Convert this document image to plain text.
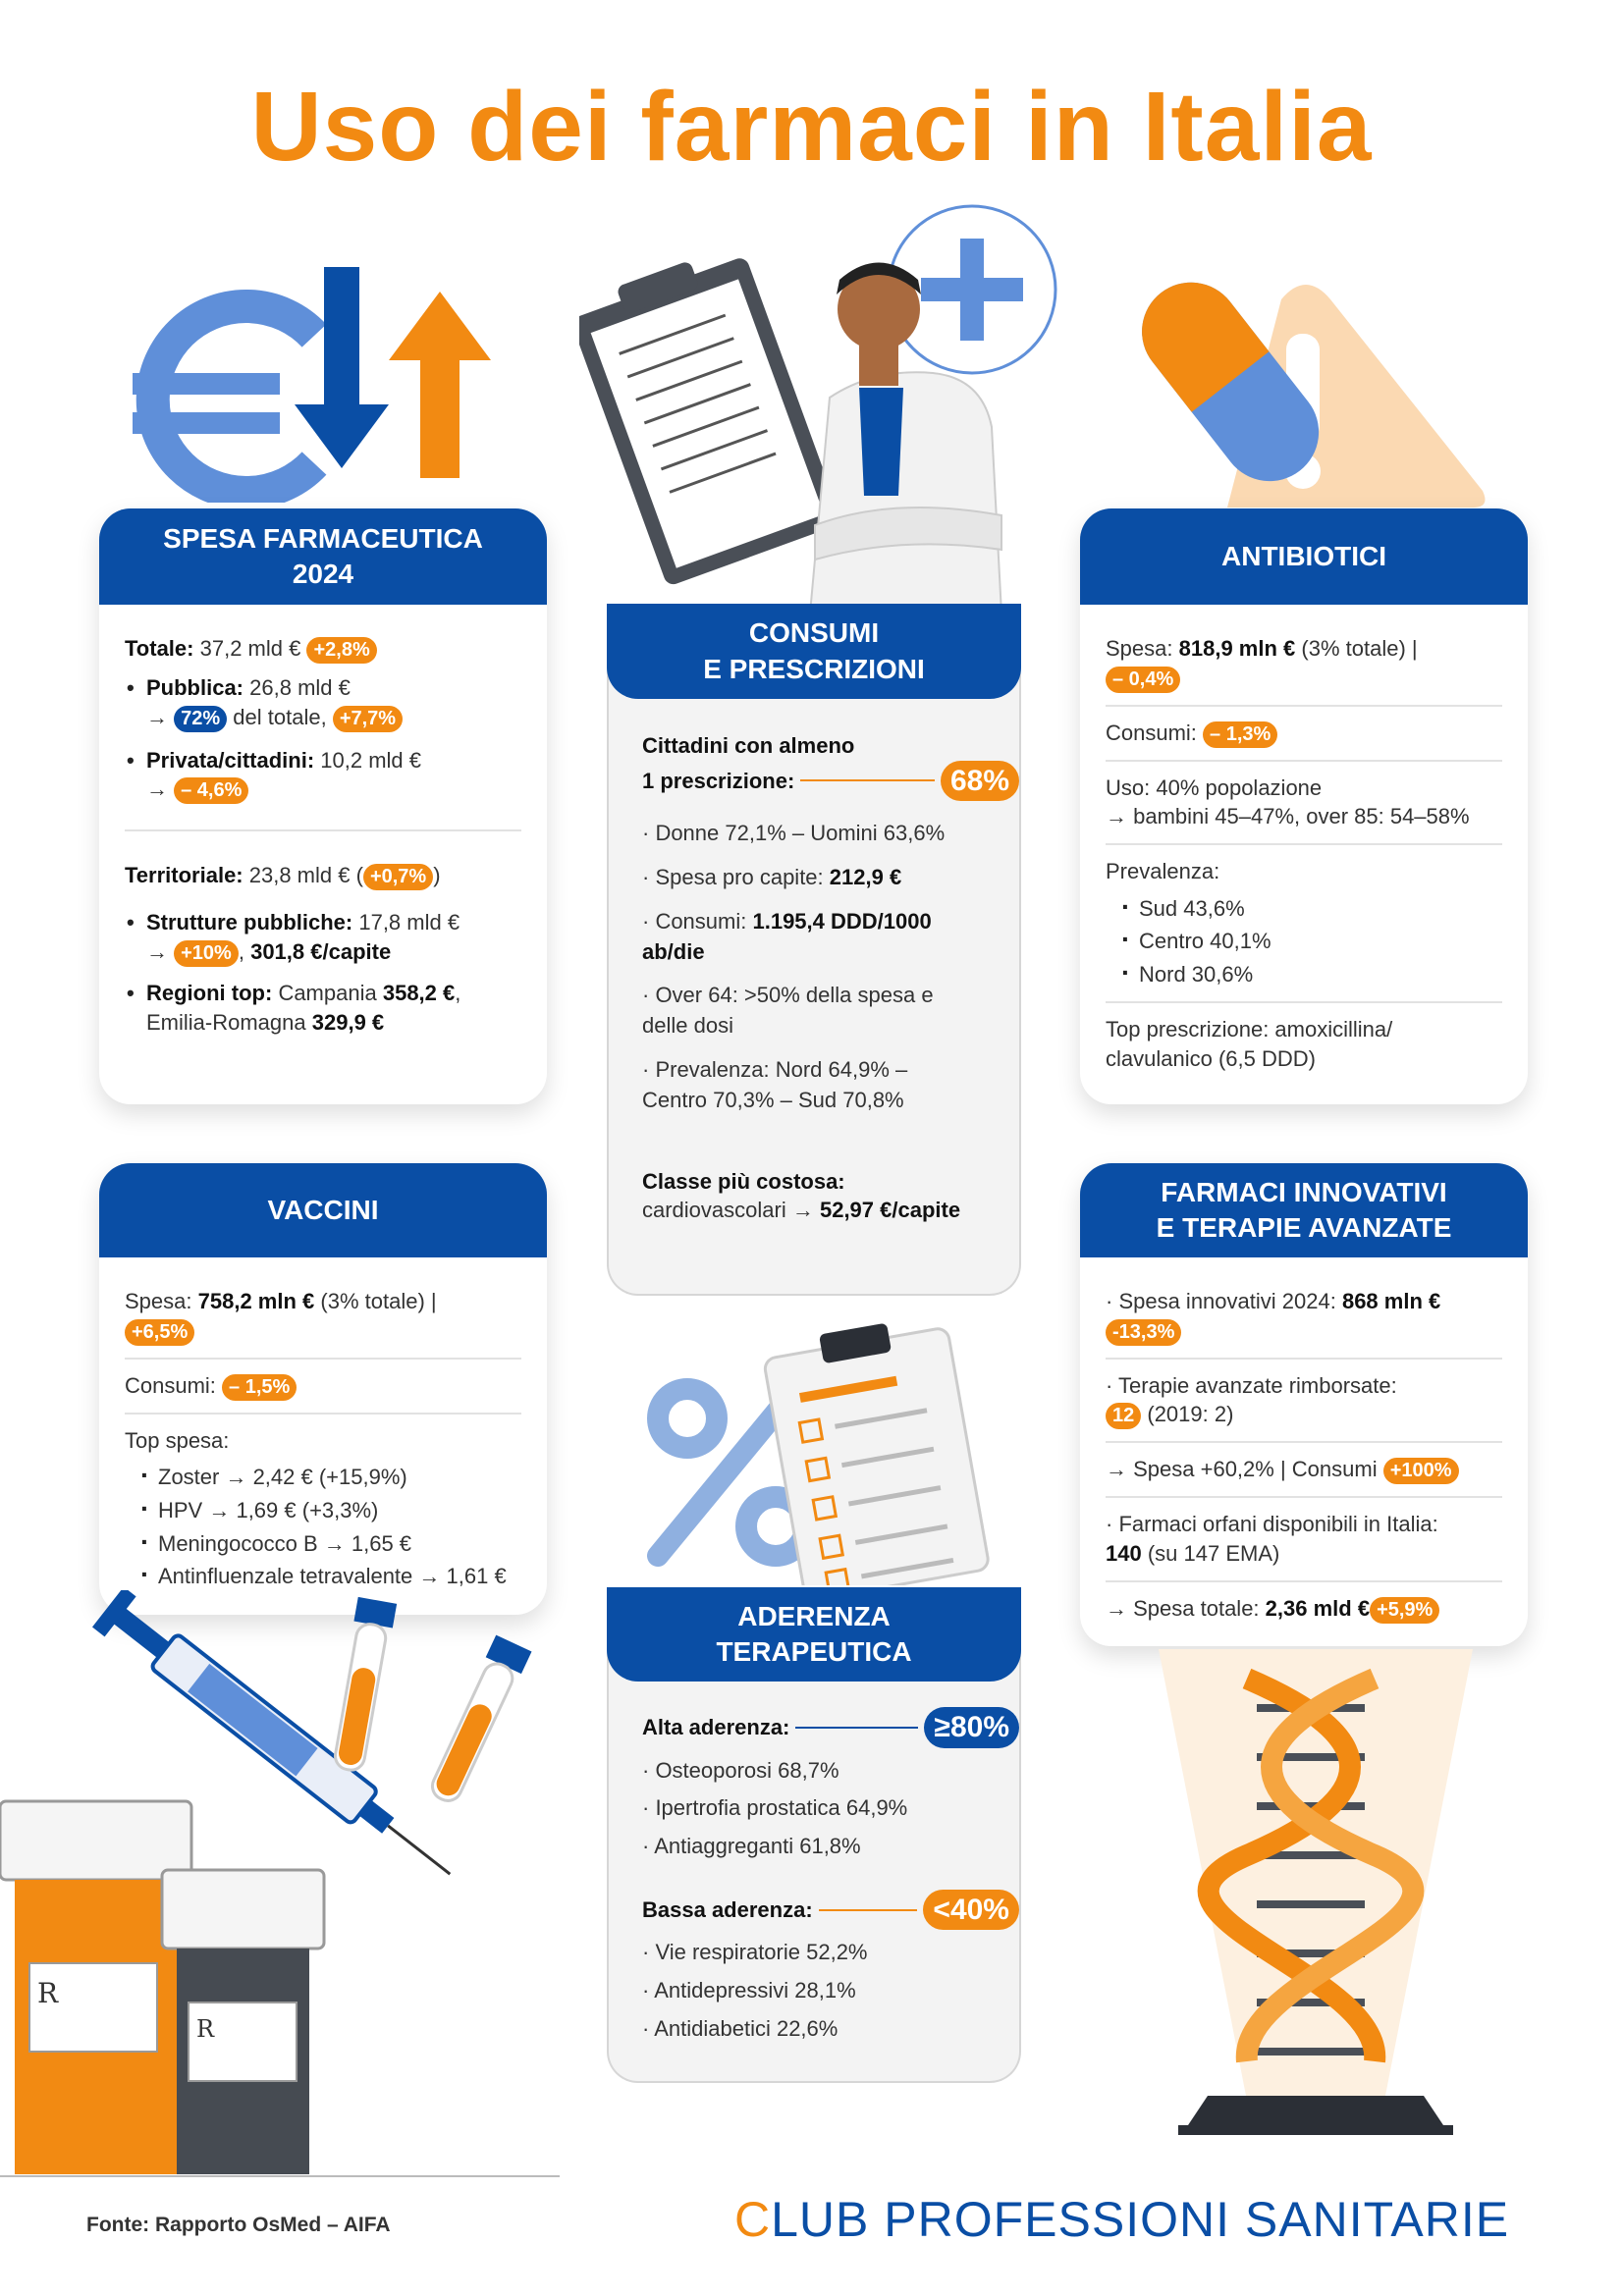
Uso dei farmaci in Italia
SPESA FARMACEUTICA
2024
Totale: 37,2 mld € +2,8%
• Pubblica: 26,8 mld €
→ 72% del totale, +7,7%
• Privata/cittadini: 10,2 mld €
→ – 4,6%
Territoriale: 23,8 mld € ( +0,7% )
• Strutture pubbliche: 17,8 mld €
→ +10% , 301,8 €/capite
• Regioni top: Campania 358,2 €,
Emilia-Romagna 329,9 €
CONSUMI
E PRESCRIZIONI
Cittadini con almeno
1 prescrizione:	68%
· Donne 72,1% – Uomini 63,6%
· Spesa pro capite: 212,9 €
· Consumi: 1.195,4 DDD/1000 ab/die
· Over 64: >50% della spesa e delle dosi
· Prevalenza: Nord 64,9% – Centro 70,3% – Sud 70,8%
Classe più costosa:
cardiovascolari → 52,97 €/capite
ANTIBIOTICI
Spesa: 818,9 mln € (3% totale) |
– 0,4%
Consumi: – 1,3%
Uso: 40% popolazione
→ bambini 45–47%, over 85: 54–58%
Prevalenza:
· Sud 43,6%
· Centro 40,1%
· Nord 30,6%
Top prescrizione: amoxicillina/ clavulanico (6,5 DDD)
VACCINI
Spesa: 758,2 mln € (3% totale) |
+6,5%
Consumi: – 1,5%
Top spesa:
· Zoster → 2,42 € (+15,9%)
· HPV → 1,69 € (+3,3%)
· Meningococco B → 1,65 €
· Antinfluenzale tetravalente → 1,61 €
ADERENZA
TERAPEUTICA
Alta aderenza:	≥80%
· Osteoporosi 68,7%
· Ipertrofia prostatica 64,9%
· Antiaggreganti 61,8%
Bassa aderenza:	<40%
· Vie respiratorie 52,2%
· Antidepressivi 28,1%
· Antidiabetici 22,6%
FARMACI INNOVATIVI
E TERAPIE AVANZATE
· Spesa innovativi 2024: 868 mln €
-13,3%
· Terapie avanzate rimborsate:
12 (2019: 2)
→ Spesa +60,2% | Consumi +100%
· Farmaci orfani disponibili in Italia:
140 (su 147 EMA)
→ Spesa totale: 2,36 mld € +5,9%
R
R
Fonte: Rapporto OsMed – AIFA	CLUB PROFESSIONI SANITARIE
